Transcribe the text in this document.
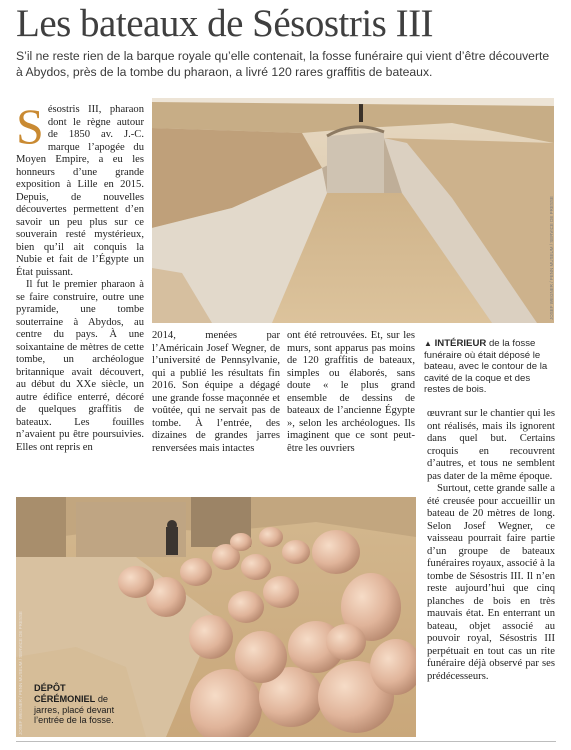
Les bateaux de Sésostris III
S’il ne reste rien de la barque royale qu’elle contenait, la fosse funéraire qui vient d’être découverte à Abydos, près de la tombe du pharaon, a livré 120 rares graffitis de bateaux.
JOSEF WEGNER / PENN MUSEUM / SERVICE DE PRESSE
JOSEF WEGNER / PENN MUSEUM / SERVICE DE PRESSE	DÉPÔT CÉRÉMONIEL de jarres, placé devant l’entrée de la fosse.
▲ INTÉRIEUR de la fosse funéraire où était déposé le bateau, avec le contour de la cavité de la coque et des restes de bois.
S ésostris III, pharaon dont le règne autour de 1850 av. J.-C. marque l’apogée du Moyen Empire, a eu les honneurs d’une grande exposition à Lille en 2015. Depuis, de nouvelles découvertes permettent d’en savoir un peu plus sur ce souverain resté mystérieux, bien qu’il ait conquis la Nubie et fait de l’Égypte un État puissant.

Il fut le premier pharaon à se faire construire, outre une pyramide, une tombe souterraine à Abydos, au centre du pays. À une soixantaine de mètres de cette tombe, un archéologue britannique avait découvert, au début du XXe siècle, un autre édifice enterré, décoré de quelques graffitis de bateaux. Les fouilles n’avaient pu être poursuivies. Elles ont repris en

2014, menées par l’Américain Josef Wegner, de l’université de Pennsylvanie, qui a publié les résultats fin 2016. Son équipe a dégagé une grande fosse maçonnée et voûtée, qui ne servait pas de tombe. À l’entrée, des dizaines de grandes jarres renversées mais intactes

ont été retrouvées. Et, sur les murs, sont apparus pas moins de 120 graffitis de bateaux, simples ou élaborés, sans doute « le plus grand ensemble de dessins de bateaux de l’ancienne Égypte », selon les archéologues. Ils imaginent que ce sont peut-être les ouvriers

œuvrant sur le chantier qui les ont réalisés, mais ils ignorent dans quel but. Certains croquis en recouvrent d’autres, et tous ne semblent pas dater de la même époque.

Surtout, cette grande salle a été creusée pour accueillir un bateau de 20 mètres de long. Selon Josef Wegner, ce vaisseau pourrait faire partie d’un groupe de bateaux funéraires royaux, associé à la tombe de Sésostris III. Il n’en reste aujourd’hui que cinq planches de bois en très mauvais état. En enterrant un bateau, objet associé au pouvoir royal, Sésostris III perpétuait en tout cas un rite funéraire déjà observé par ses prédécesseurs.
